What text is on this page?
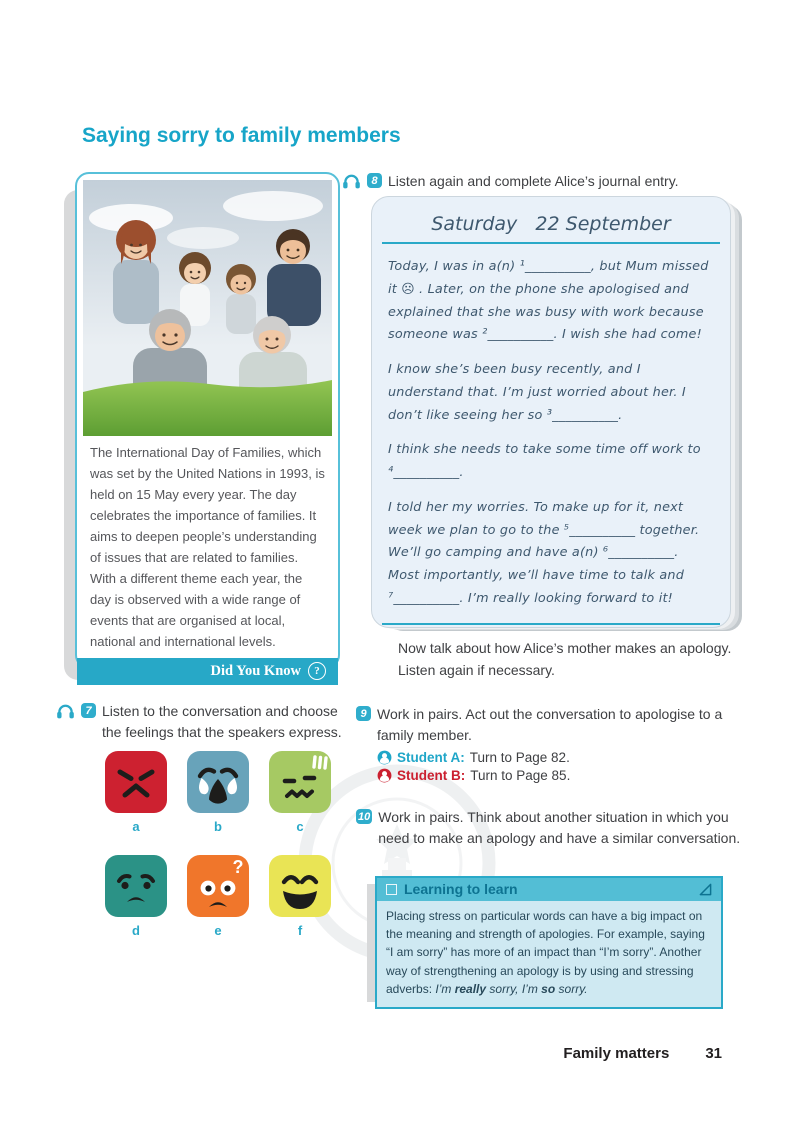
Saying sorry to family members
The International Day of Families, which was set by the United Nations in 1993, is held on 15 May every year. The day celebrates the importance of families. It aims to deepen people’s understanding of issues that are related to families. With a different theme each year, the day is observed with a wide range of events that are organised at local, national and international levels.
Did You Know	?
8 Listen again and complete Alice’s journal entry.
Saturday   22 September

Today, I was in a(n) ¹__________, but Mum missed it ☹ . Later, on the phone she apologised and explained that she was busy with work because someone was ²__________. I wish she had come!

I know she’s been busy recently, and I understand that. I’m just worried about her. I don’t like seeing her so ³__________.

I think she needs to take some time off work to ⁴__________.

I told her my worries. To make up for it, next week we plan to go to the ⁵__________ together. We’ll go camping and have a(n) ⁶__________. Most importantly, we’ll have time to talk and ⁷__________. I’m really looking forward to it!

Now talk about how Alice’s mother makes an apology. Listen again if necessary.
7 Listen to the conversation and choose the feelings that the speakers express.
a	b	c
d
?
e	f
9 Work in pairs. Act out the conversation to apologise to a family member.
Student A: Turn to Page 82.
Student B: Turn to Page 85.
10 Work in pairs. Think about another situation in which you need to make an apology and have a similar conversation.
Learning to learn
Placing stress on particular words can have a big impact on the meaning and strength of apologies. For example, saying “I am sorry” has more of an impact than “I’m sorry”. Another way of strengthening an apology is by using and stressing adverbs: I’m really sorry, I’m so sorry.
Family matters 31
